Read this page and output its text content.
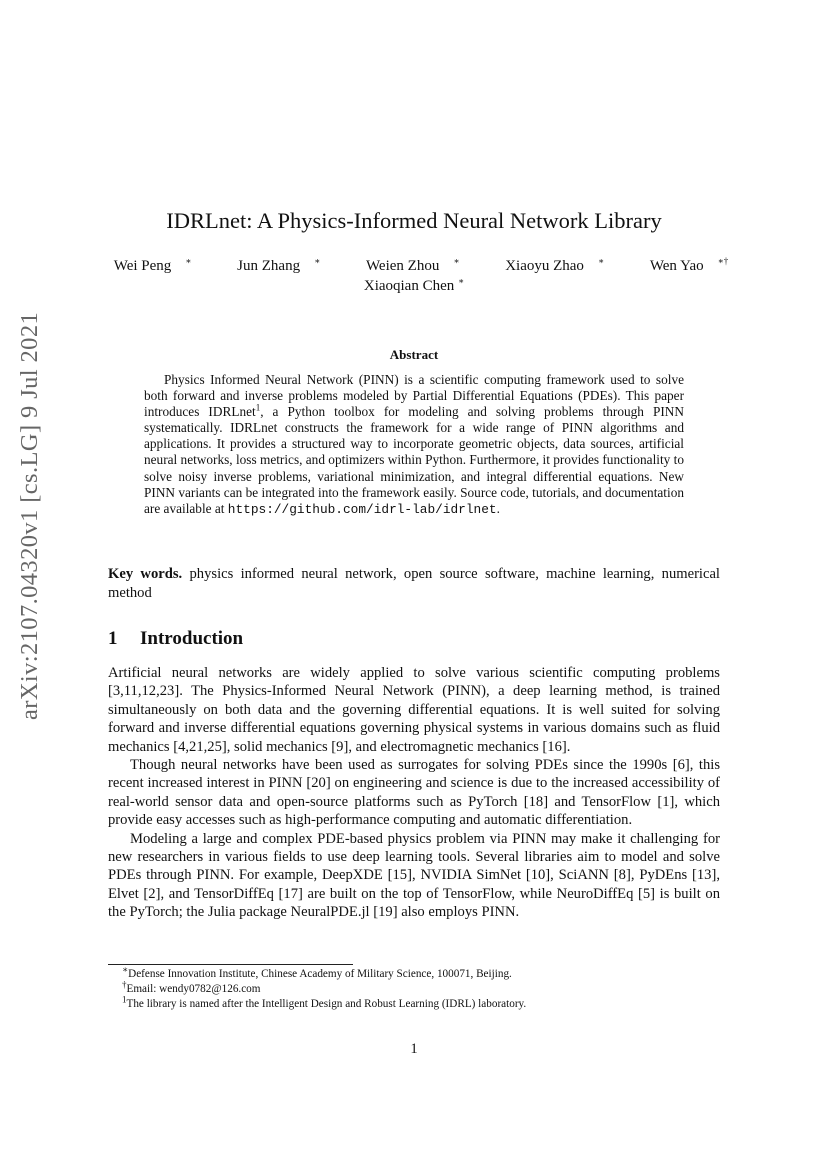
arXiv:2107.04320v1 [cs.LG] 9 Jul 2021
IDRLnet: A Physics-Informed Neural Network Library
Wei Peng ∗	Jun Zhang ∗	Weien Zhou ∗	Xiaoyu Zhao ∗	Wen Yao ∗†
Xiaoqian Chen ∗
Abstract

Physics Informed Neural Network (PINN) is a scientific computing framework used to solve both forward and inverse problems modeled by Partial Differential Equations (PDEs). This paper introduces IDRLnet$^1$, a Python toolbox for modeling and solving problems through PINN systematically. IDRLnet constructs the framework for a wide range of PINN algorithms and applications. It provides a structured way to incorporate geometric objects, data sources, artificial neural networks, loss metrics, and optimizers within Python. Furthermore, it provides functionality to solve noisy inverse problems, variational minimization, and integral differential equations. New PINN variants can be integrated into the framework easily. Source code, tutorials, and documentation are available at https://github.com/idrl-lab/idrlnet.

Key words. physics informed neural network, open source software, machine learning, numerical method
1 Introduction

Artificial neural networks are widely applied to solve various scientific computing problems [3,11,12,23]. The Physics-Informed Neural Network (PINN), a deep learning method, is trained simultaneously on both data and the governing differential equations. It is well suited for solving forward and inverse differential equations governing physical systems in various domains such as fluid mechanics [4,21,25], solid mechanics [9], and electromagnetic mechanics [16].

Though neural networks have been used as surrogates for solving PDEs since the 1990s [6], this recent increased interest in PINN [20] on engineering and science is due to the increased accessibility of real-world sensor data and open-source platforms such as PyTorch [18] and TensorFlow [1], which provide easy accesses such as high-performance computing and automatic differentiation.

Modeling a large and complex PDE-based physics problem via PINN may make it challenging for new researchers in various fields to use deep learning tools. Several libraries aim to model and solve PDEs through PINN. For example, DeepXDE [15], NVIDIA SimNet [10], SciANN [8], PyDEns [13], Elvet [2], and TensorDiffEq [17] are built on the top of TensorFlow, while NeuroDiffEq [5] is built on the PyTorch; the Julia package NeuralPDE.jl [19] also employs PINN.

∗Defense Innovation Institute, Chinese Academy of Military Science, 100071, Beijing.
†Email: wendy0782@126.com
$^1$The library is named after the Intelligent Design and Robust Learning (IDRL) laboratory.
1
